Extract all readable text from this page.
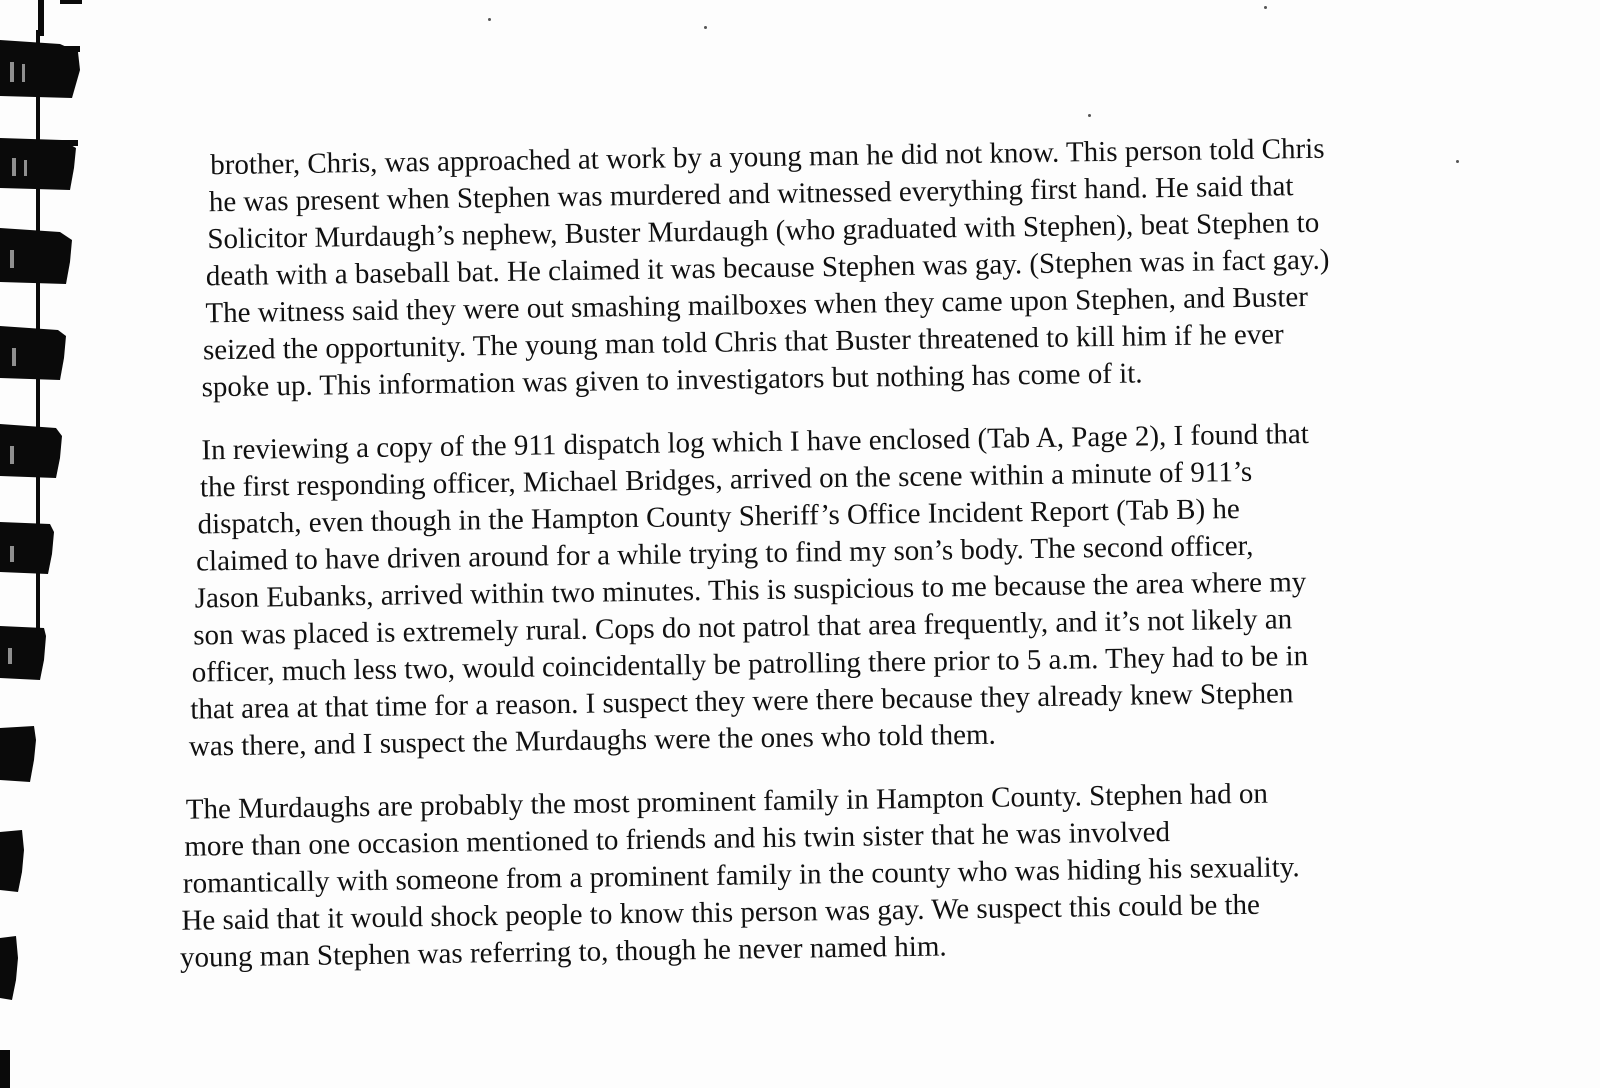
brother, Chris, was approached at work by a young man he did not know. This person told Chris
he was present when Stephen was murdered and witnessed everything first hand. He said that
Solicitor Murdaugh’s nephew, Buster Murdaugh (who graduated with Stephen), beat Stephen to
death with a baseball bat. He claimed it was because Stephen was gay. (Stephen was in fact gay.)
The witness said they were out smashing mailboxes when they came upon Stephen, and Buster
seized the opportunity. The young man told Chris that Buster threatened to kill him if he ever
spoke up. This information was given to investigators but nothing has come of it.

In reviewing a copy of the 911 dispatch log which I have enclosed (Tab A, Page 2), I found that
the first responding officer, Michael Bridges, arrived on the scene within a minute of 911’s
dispatch, even though in the Hampton County Sheriff’s Office Incident Report (Tab B) he
claimed to have driven around for a while trying to find my son’s body. The second officer,
Jason Eubanks, arrived within two minutes. This is suspicious to me because the area where my
son was placed is extremely rural. Cops do not patrol that area frequently, and it’s not likely an
officer, much less two, would coincidentally be patrolling there prior to 5 a.m. They had to be in
that area at that time for a reason. I suspect they were there because they already knew Stephen
was there, and I suspect the Murdaughs were the ones who told them.

The Murdaughs are probably the most prominent family in Hampton County. Stephen had on
more than one occasion mentioned to friends and his twin sister that he was involved
romantically with someone from a prominent family in the county who was hiding his sexuality.
He said that it would shock people to know this person was gay. We suspect this could be the
young man Stephen was referring to, though he never named him.
